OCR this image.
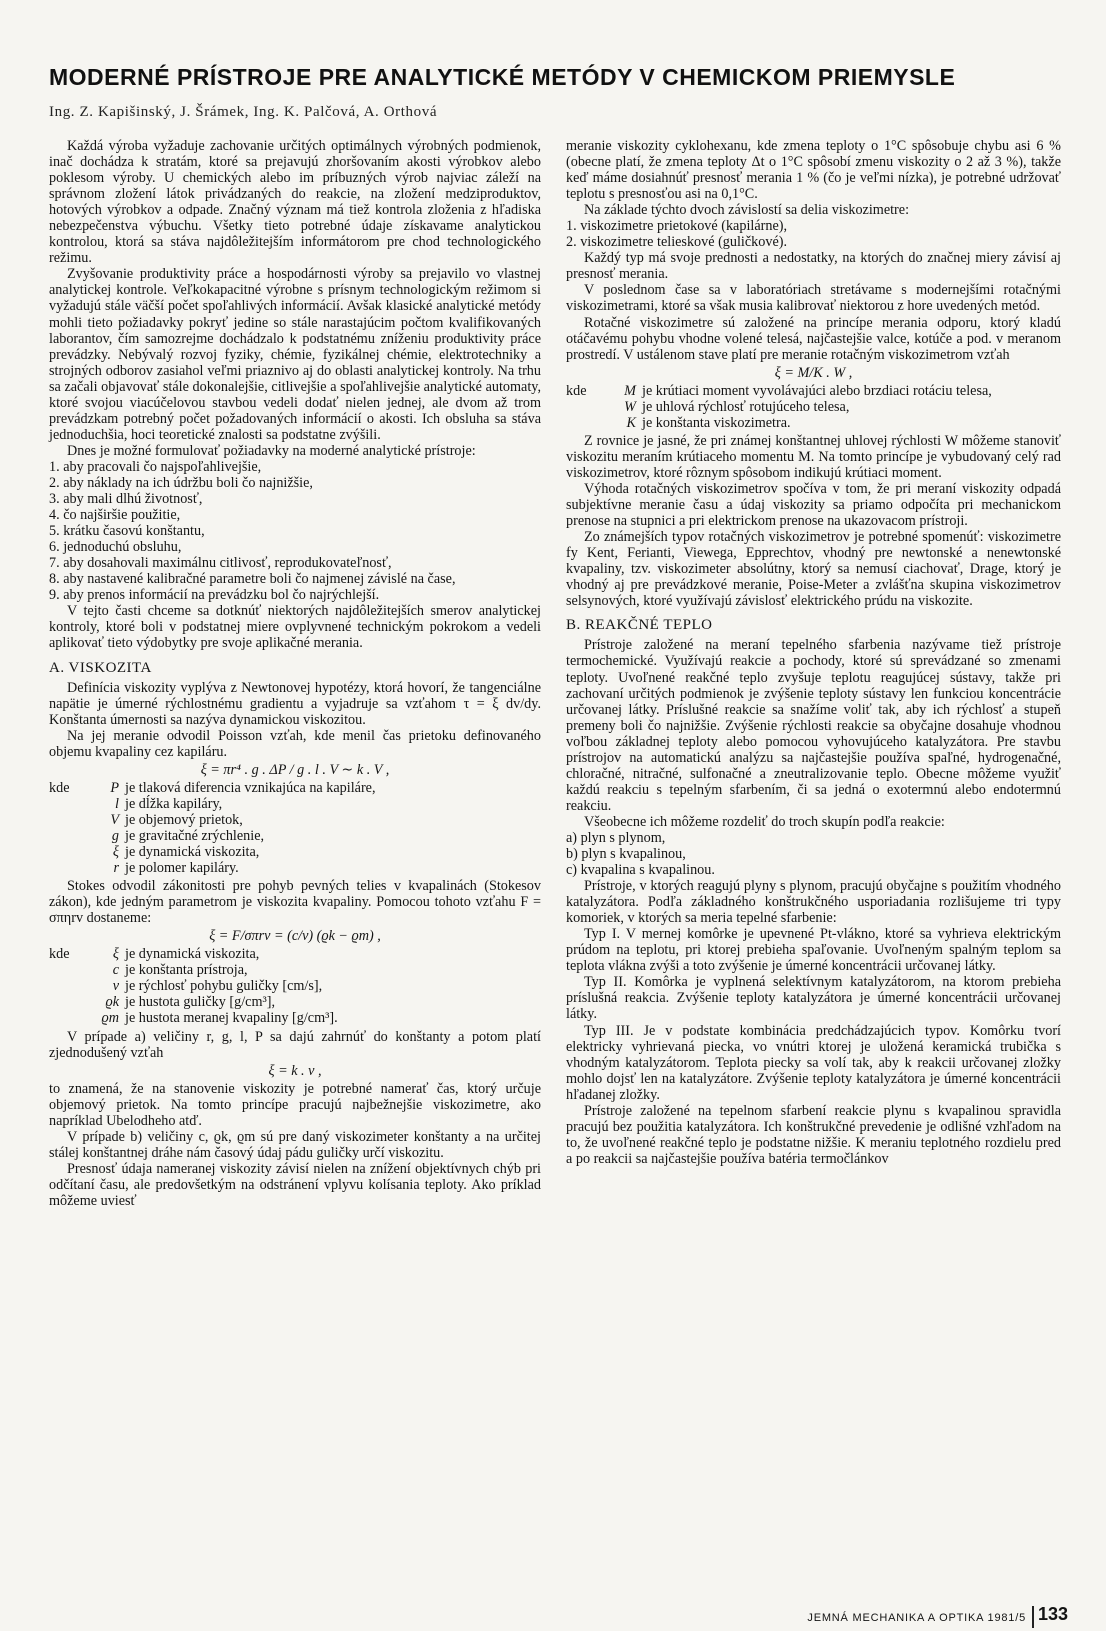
MODERNÉ PRÍSTROJE PRE ANALYTICKÉ METÓDY V CHEMICKOM PRIEMYSLE
Ing. Z. Kapišinský, J. Šrámek, Ing. K. Palčová, A. Orthová

Každá výroba vyžaduje zachovanie určitých optimálnych výrobných podmienok, inač dochádza k stratám, ktoré sa prejavujú zhoršovaním akosti výrobkov alebo poklesom výroby. U chemických alebo im príbuzných výrob najviac záleží na správnom zložení látok privádzaných do reakcie, na zložení medziproduktov, hotových výrobkov a odpade. Značný význam má tiež kontrola zloženia z hľadiska nebezpečenstva výbuchu. Všetky tieto potrebné údaje získavame analytickou kontrolou, ktorá sa stáva najdôležitejším informátorom pre chod technologického režimu.

Zvyšovanie produktivity práce a hospodárnosti výroby sa prejavilo vo vlastnej analytickej kontrole. Veľkokapacitné výrobne s prísnym technologickým režimom si vyžadujú stále väčší počet spoľahlivých informácií. Avšak klasické analytické metódy mohli tieto požiadavky pokryť jedine so stále narastajúcim počtom kvalifikovaných laborantov, čím samozrejme dochádzalo k podstatnému zníženiu produktivity práce prevádzky. Nebývalý rozvoj fyziky, chémie, fyzikálnej chémie, elektrotechniky a strojných odborov zasiahol veľmi priaznivo aj do oblasti analytickej kontroly. Na trhu sa začali objavovať stále dokonalejšie, citlivejšie a spoľahlivejšie analytické automaty, ktoré svojou viacúčelovou stavbou vedeli dodať nielen jednej, ale dvom až trom prevádzkam potrebný počet požadovaných informácií o akosti. Ich obsluha sa stáva jednoduchšia, hoci teoretické znalosti sa podstatne zvýšili.

Dnes je možné formulovať požiadavky na moderné analytické prístroje:

1. aby pracovali čo najspoľahlivejšie,
2. aby náklady na ich údržbu boli čo najnižšie,
3. aby mali dlhú životnosť,
4. čo najširšie použitie,
5. krátku časovú konštantu,
6. jednoduchú obsluhu,
7. aby dosahovali maximálnu citlivosť, reprodukovateľnosť,
8. aby nastavené kalibračné parametre boli čo najmenej závislé na čase,
9. aby prenos informácií na prevádzku bol čo najrýchlejší.

V tejto časti chceme sa dotknúť niektorých najdôležitejších smerov analytickej kontroly, ktoré boli v podstatnej miere ovplyvnené technickým pokrokom a vedeli aplikovať tieto výdobytky pre svoje aplikačné merania.

A. VISKOZITA

Definícia viskozity vyplýva z Newtonovej hypotézy, ktorá hovorí, že tangenciálne napätie je úmerné rýchlostnému gradientu a vyjadruje sa vzťahom τ = ξ dv/dy. Konštanta úmernosti sa nazýva dynamickou viskozitou.

Na jej meranie odvodil Poisson vzťah, kde menil čas prietoku definovaného objemu kvapaliny cez kapiláru.

ξ = πr⁴ . g . ΔP / g . l . V ∼ k . V ,

kde	P	je tlaková diferencia vznikajúca na kapiláre,
	l	je dĺžka kapiláry,
	V	je objemový prietok,
	g	je gravitačné zrýchlenie,
	ξ	je dynamická viskozita,
	r	je polomer kapiláry.

Stokes odvodil zákonitosti pre pohyb pevných telies v kvapalinách (Stokesov zákon), kde jedným parametrom je viskozita kvapaliny. Pomocou tohoto vzťahu F = σπηrv dostaneme:

ξ = F/σπrv = (c/v) (ϱk − ϱm) ,

kde	ξ	je dynamická viskozita,
	c	je konštanta prístroja,
	v	je rýchlosť pohybu guličky [cm/s],
	ϱk	je hustota guličky [g/cm³],
	ϱm	je hustota meranej kvapaliny [g/cm³].

V prípade a) veličiny r, g, l, P sa dajú zahrnúť do konštanty a potom platí zjednodušený vzťah

ξ = k . v ,

to znamená, že na stanovenie viskozity je potrebné namerať čas, ktorý určuje objemový prietok. Na tomto princípe pracujú najbežnejšie viskozimetre, ako napríklad Ubelodheho atď.

V prípade b) veličiny c, ϱk, ϱm sú pre daný viskozimeter konštanty a na určitej stálej konštantnej dráhe nám časový údaj pádu guličky určí viskozitu.

Presnosť údaja nameranej viskozity závisí nielen na znížení objektívnych chýb pri odčítaní času, ale predovšetkým na odstránení vplyvu kolísania teploty. Ako príklad môžeme uviesť

meranie viskozity cyklohexanu, kde zmena teploty o 1°C spôsobuje chybu asi 6 % (obecne platí, že zmena teploty Δt o 1°C spôsobí zmenu viskozity o 2 až 3 %), takže keď máme dosiahnúť presnosť merania 1 % (čo je veľmi nízka), je potrebné udržovať teplotu s presnosťou asi na 0,1°C.

Na základe týchto dvoch závislostí sa delia viskozimetre:

1. viskozimetre prietokové (kapilárne),
2. viskozimetre telieskové (guličkové).

Každý typ má svoje prednosti a nedostatky, na ktorých do značnej miery závisí aj presnosť merania.

V poslednom čase sa v laboratóriach stretávame s modernejšími rotačnými viskozimetrami, ktoré sa však musia kalibrovať niektorou z hore uvedených metód.

Rotačné viskozimetre sú založené na princípe merania odporu, ktorý kladú otáčavému pohybu vhodne volené telesá, najčastejšie valce, kotúče a pod. v meranom prostredí. V ustálenom stave platí pre meranie rotačným viskozimetrom vzťah

ξ = M/K . W ,

kde	M	je krútiaci moment vyvolávajúci alebo brzdiaci rotáciu telesa,
	W	je uhlová rýchlosť rotujúceho telesa,
	K	je konštanta viskozimetra.

Z rovnice je jasné, že pri známej konštantnej uhlovej rýchlosti W môžeme stanoviť viskozitu meraním krútiaceho momentu M. Na tomto princípe je vybudovaný celý rad viskozimetrov, ktoré rôznym spôsobom indikujú krútiaci moment.

Výhoda rotačných viskozimetrov spočíva v tom, že pri meraní viskozity odpadá subjektívne meranie času a údaj viskozity sa priamo odpočíta pri mechanickom prenose na stupnici a pri elektrickom prenose na ukazovacom prístroji.

Zo známejších typov rotačných viskozimetrov je potrebné spomenúť: viskozimetre fy Kent, Ferianti, Viewega, Epprechtov, vhodný pre newtonské a nenewtonské kvapaliny, tzv. viskozimeter absolútny, ktorý sa nemusí ciachovať, Drage, ktorý je vhodný aj pre prevádzkové meranie, Poise-Meter a zvlášťna skupina viskozimetrov selsynových, ktoré využívajú závislosť elektrického prúdu na viskozite.

B. REAKČNÉ TEPLO

Prístroje založené na meraní tepelného sfarbenia nazývame tiež prístroje termochemické. Využívajú reakcie a pochody, ktoré sú sprevádzané so zmenami teploty. Uvoľnené reakčné teplo zvyšuje teplotu reagujúcej sústavy, takže pri zachovaní určitých podmienok je zvýšenie teploty sústavy len funkciou koncentrácie určovanej látky. Príslušné reakcie sa snažíme voliť tak, aby ich rýchlosť a stupeň premeny boli čo najnižšie. Zvýšenie rýchlosti reakcie sa obyčajne dosahuje vhodnou voľbou základnej teploty alebo pomocou vyhovujúceho katalyzátora. Pre stavbu prístrojov na automatickú analýzu sa najčastejšie používa spaľné, hydrogenačné, chloračné, nitračné, sulfonačné a zneutralizovanie teplo. Obecne môžeme využiť každú reakciu s tepelným sfarbením, či sa jedná o exotermnú alebo endotermnú reakciu.

Všeobecne ich môžeme rozdeliť do troch skupín podľa reakcie:

a) plyn s plynom,
b) plyn s kvapalinou,
c) kvapalina s kvapalinou.

Prístroje, v ktorých reagujú plyny s plynom, pracujú obyčajne s použitím vhodného katalyzátora. Podľa základného konštrukčného usporiadania rozlišujeme tri typy komoriek, v ktorých sa meria tepelné sfarbenie:

Typ I. V mernej komôrke je upevnené Pt-vlákno, ktoré sa vyhrieva elektrickým prúdom na teplotu, pri ktorej prebieha spaľovanie. Uvoľneným spalným teplom sa teplota vlákna zvýši a toto zvýšenie je úmerné koncentrácii určovanej látky.

Typ II. Komôrka je vyplnená selektívnym katalyzátorom, na ktorom prebieha príslušná reakcia. Zvýšenie teploty katalyzátora je úmerné koncentrácii určovanej látky.

Typ III. Je v podstate kombinácia predchádzajúcich typov. Komôrku tvorí elektricky vyhrievaná piecka, vo vnútri ktorej je uložená keramická trubička s vhodným katalyzátorom. Teplota piecky sa volí tak, aby k reakcii určovanej zložky mohlo dojsť len na katalyzátore. Zvýšenie teploty katalyzátora je úmerné koncentrácii hľadanej zložky.

Prístroje založené na tepelnom sfarbení reakcie plynu s kvapalinou spravidla pracujú bez použitia katalyzátora. Ich konštrukčné prevedenie je odlišné vzhľadom na to, že uvoľnené reakčné teplo je podstatne nižšie. K meraniu teplotného rozdielu pred a po reakcii sa najčastejšie používa batéria termočlánkov

JEMNÁ MECHANIKA A OPTIKA 1981/5 133
